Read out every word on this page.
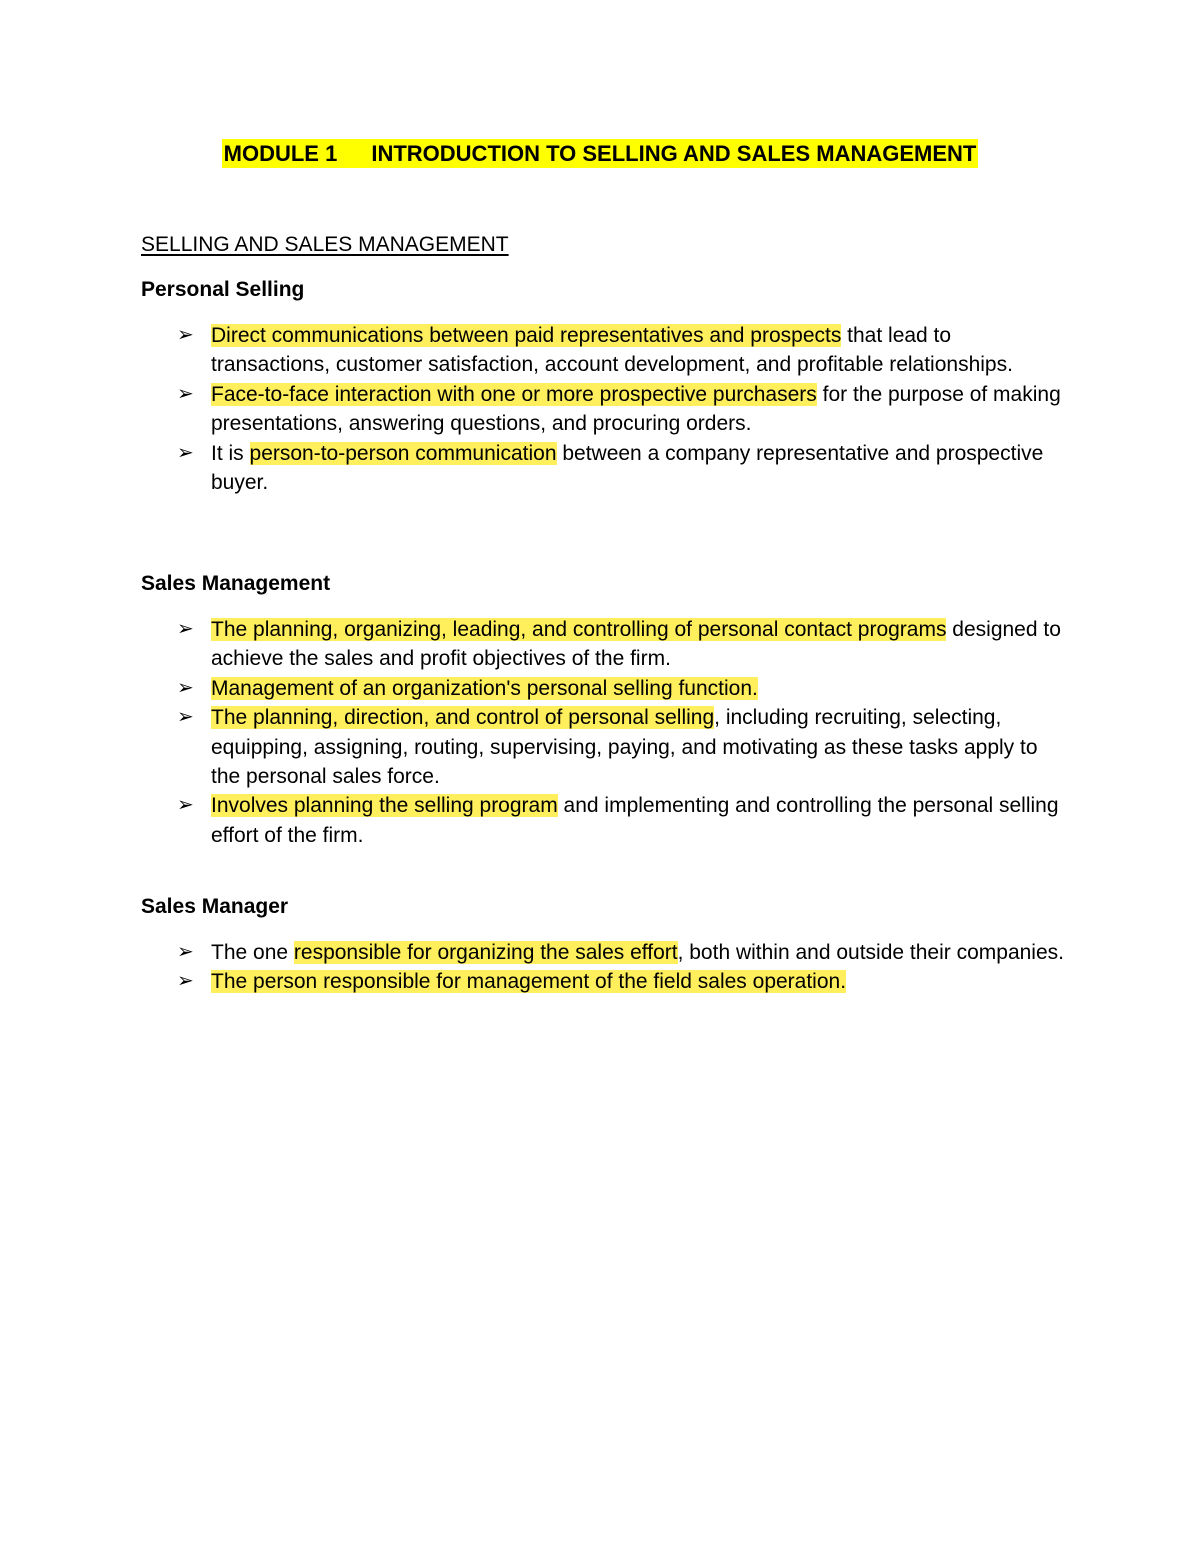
MODULE 1 INTRODUCTION TO SELLING AND SALES MANAGEMENT
SELLING AND SALES MANAGEMENT
Personal Selling
➢ Direct communications between paid representatives and prospects that lead to transactions, customer satisfaction, account development, and profitable relationships.
➢ Face-to-face interaction with one or more prospective purchasers for the purpose of making presentations, answering questions, and procuring orders.
➢ It is person-to-person communication between a company representative and prospective buyer.
Sales Management
➢ The planning, organizing, leading, and controlling of personal contact programs designed to achieve the sales and profit objectives of the firm.
➢ Management of an organization's personal selling function.
➢ The planning, direction, and control of personal selling, including recruiting, selecting, equipping, assigning, routing, supervising, paying, and motivating as these tasks apply to the personal sales force.
➢ Involves planning the selling program and implementing and controlling the personal selling effort of the firm.
Sales Manager
➢ The one responsible for organizing the sales effort, both within and outside their companies.
➢ The person responsible for management of the field sales operation.
